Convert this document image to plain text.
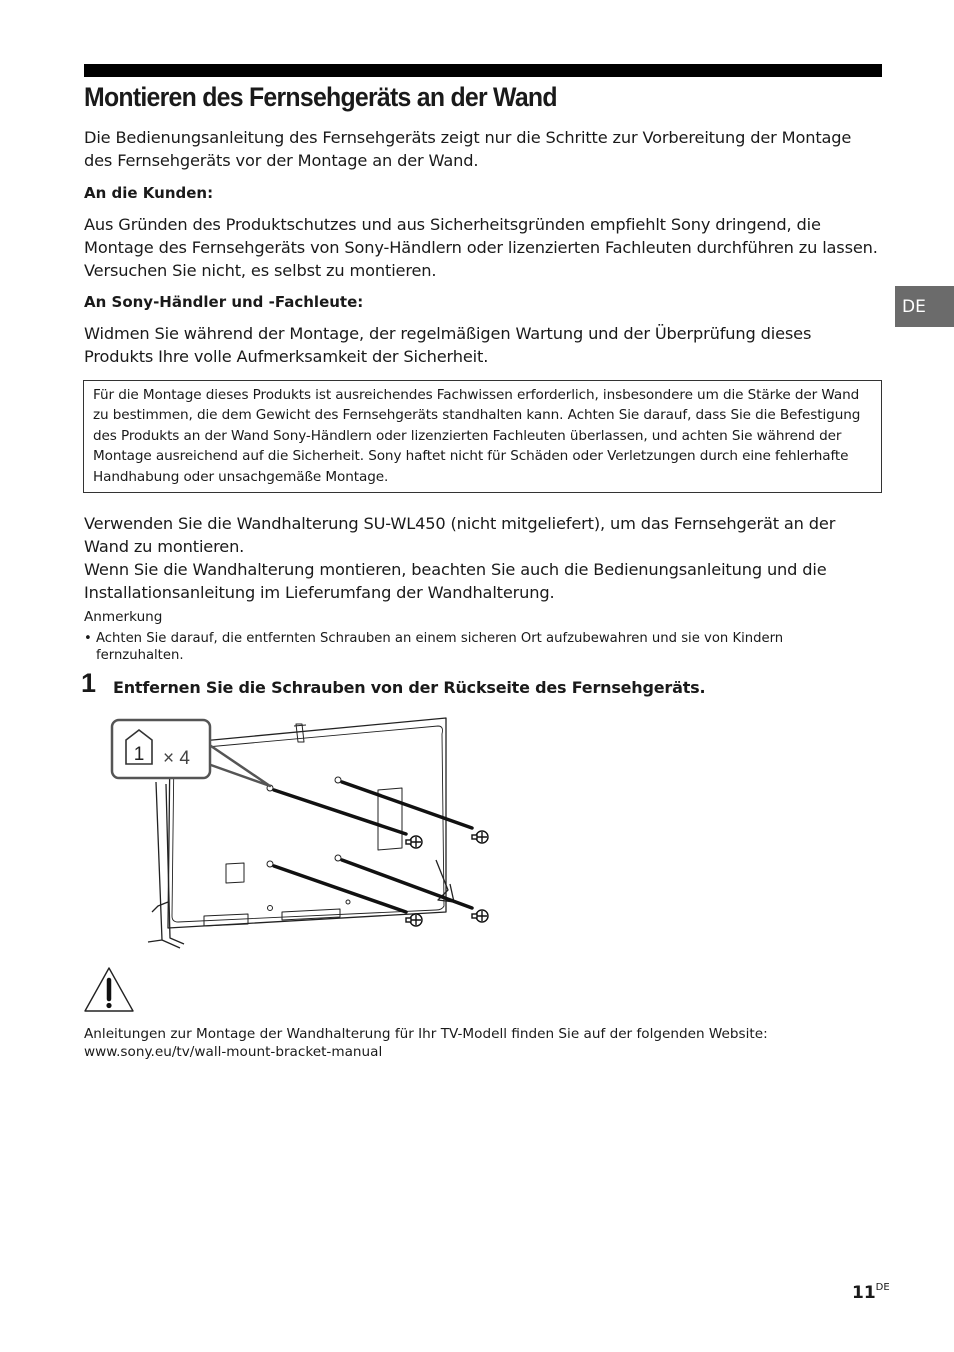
Montieren des Fernsehgeräts an der Wand

Die Bedienungsanleitung des Fernsehgeräts zeigt nur die Schritte zur Vorbereitung der Montage des Fernsehgeräts vor der Montage an der Wand.

An die Kunden:

Aus Gründen des Produktschutzes und aus Sicherheitsgründen empfiehlt Sony dringend, die Montage des Fernsehgeräts von Sony-Händlern oder lizenzierten Fachleuten durchführen zu lassen. Versuchen Sie nicht, es selbst zu montieren.

An Sony-Händler und -Fachleute:

Widmen Sie während der Montage, der regelmäßigen Wartung und der Überprüfung dieses Produkts Ihre volle Aufmerksamkeit der Sicherheit.

DE
Für die Montage dieses Produkts ist ausreichendes Fachwissen erforderlich, insbesondere um die Stärke der Wand zu bestimmen, die dem Gewicht des Fernsehgeräts standhalten kann. Achten Sie darauf, dass Sie die Befestigung des Produkts an der Wand Sony-Händlern oder lizenzierten Fachleuten überlassen, und achten Sie während der Montage ausreichend auf die Sicherheit. Sony haftet nicht für Schäden oder Verletzungen durch eine fehlerhafte Handhabung oder unsachgemäße Montage.

Verwenden Sie die Wandhalterung SU-WL450 (nicht mitgeliefert), um das Fernsehgerät an der Wand zu montieren.

Wenn Sie die Wandhalterung montieren, beachten Sie auch die Bedienungsanleitung und die Installationsanleitung im Lieferumfang der Wandhalterung.

Anmerkung

• Achten Sie darauf, die entfernten Schrauben an einem sicheren Ort aufzubewahren und sie von Kindern fernzuhalten.
1 Entfernen Sie die Schrauben von der Rückseite des Fernsehgeräts.
1 × 4
Anleitungen zur Montage der Wandhalterung für Ihr TV-Modell finden Sie auf der folgenden Website:
www.sony.eu/tv/wall-mount-bracket-manual
11DE
